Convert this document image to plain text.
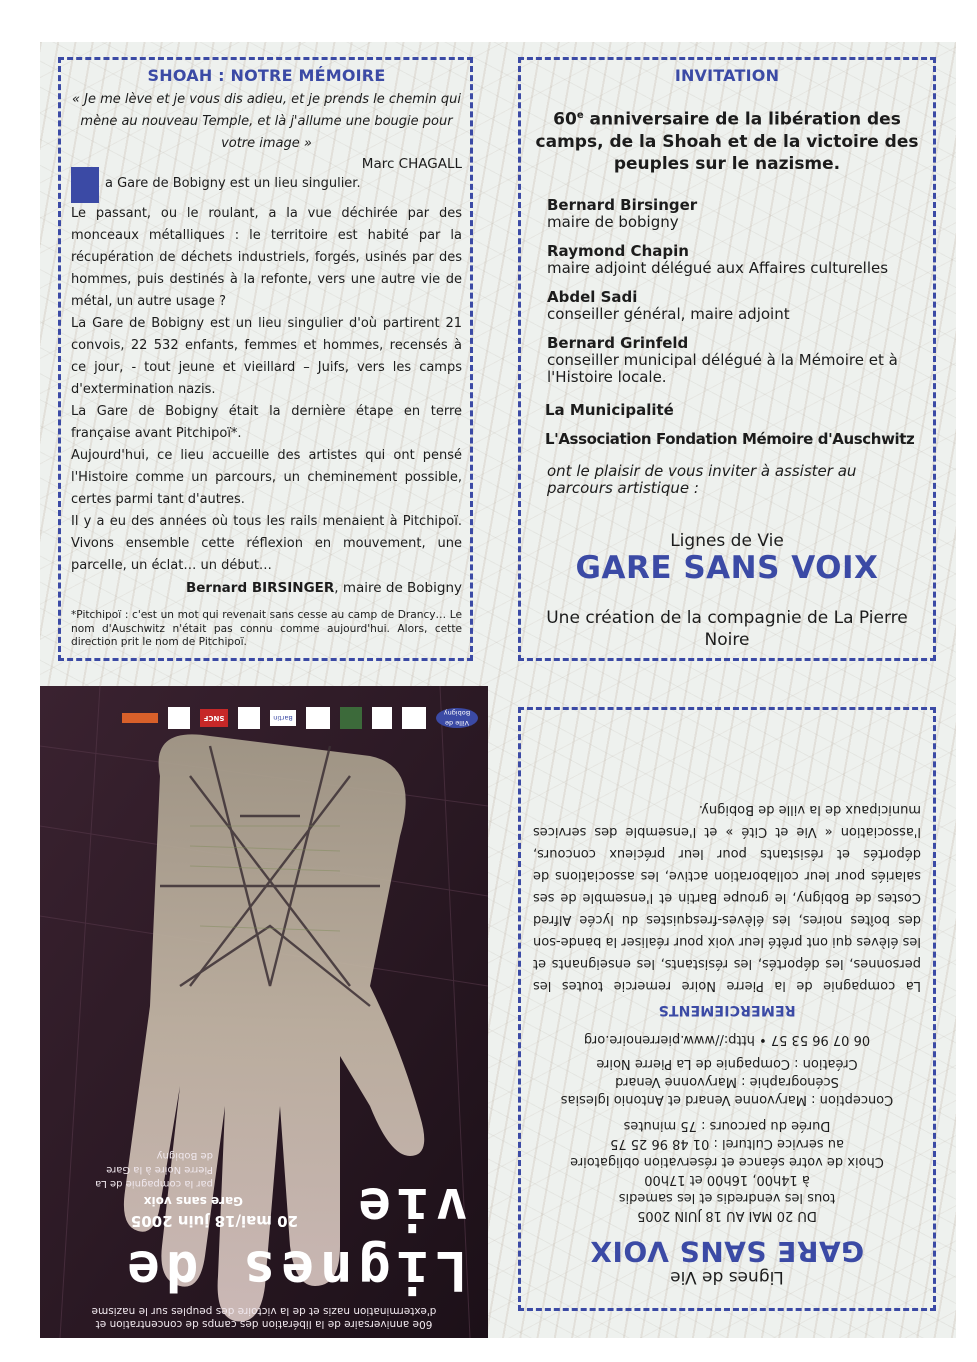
SHOAH : NOTRE MÉMOIRE
« Je me lève et je vous dis adieu, et je prends le chemin qui mène au nouveau Temple, et là j'allume une bougie pour votre image »
Marc CHAGALL
a Gare de Bobigny est un lieu singulier.
Le passant, ou le roulant, a la vue déchirée par des monceaux métalliques : le territoire est habité par la récupération de déchets industriels, forgés, usinés par des hommes, puis destinés à la refonte, vers une autre vie de métal, un autre usage ?
La Gare de Bobigny est un lieu singulier d'où partirent 21 convois, 22 532 enfants, femmes et hommes, recensés à ce jour, - tout jeune et vieillard – Juifs, vers les camps d'extermination nazis.
La Gare de Bobigny était la dernière étape en terre française avant Pitchipoï*.
Aujourd'hui, ce lieu accueille des artistes qui ont pensé l'Histoire comme un parcours, un cheminement possible, certes parmi tant d'autres.
Il y a eu des années où tous les rails menaient à Pitchipoï. Vivons ensemble cette réflexion en mouvement, une parcelle, un éclat… un début…
Bernard BIRSINGER, maire de Bobigny
*Pitchipoï : c'est un mot qui revenait sans cesse au camp de Drancy… Le nom d'Auschwitz n'était pas connu comme aujourd'hui. Alors, cette direction prit le nom de Pitchipoï.
INVITATION
60e anniversaire de la libération des camps, de la Shoah et de la victoire des peuples sur le nazisme.
Bernard Birsinger
maire de bobigny
Raymond Chapin
maire adjoint délégué aux Affaires culturelles
Abdel Sadi
conseiller général, maire adjoint
Bernard Grinfeld
conseiller municipal délégué à la Mémoire et à l'Histoire locale.
La Municipalité
L'Association Fondation Mémoire d'Auschwitz
ont le plaisir de vous inviter à assister au parcours artistique :
Lignes de Vie
GARE SANS VOIX
Une création de la compagnie de La Pierre Noire
Lignes de Vie
GARE SANS VOIX
DU 20 MAI AU 18 JUIN 2005
tous les vendredis et les samedis
à 14h00, 16h00 et 17h00
Choix de votre séance et réservation obligatoire
au service Culturel : 01 48 96 25 75
Durée du parcours : 75 minutes
Conception : Maryvonne Venard et Antonio Iglesias
Scénographie : Maryvonne Venard
Création : Compagnie de La Pierre Noire
06 07 96 53 57 • http://www.pierrenoire.org
REMERCIEMENTS
La compagnie de la Pierre Noire remercie toutes les personnes, les déportés, les résistants, les enseignants et les élèves qui ont prêté leur voix pour réaliser la bande-son des boîtes noires, les élèves-fresquistes du lycée Alfred Costes de Bobigny, le groupe Bartin et l'ensemble de ses salariés pour leur collaboration active, les associations de déportés et résistants pour leur précieux concours, l'association « Vie et Cité » et l'ensemble des services municipaux de la ville de Bobigny.
60e anniversaire de la libération des camps de concentration et d'extermination nazis et de la victoire des peuples sur le nazisme
Lignes de vie
20 mai/18 juin 2005
Gare sans voix
par la compagnie de La Pierre Noire à la Gare de Bobigny
Ville de Bobigny
Bartin
SNCF
